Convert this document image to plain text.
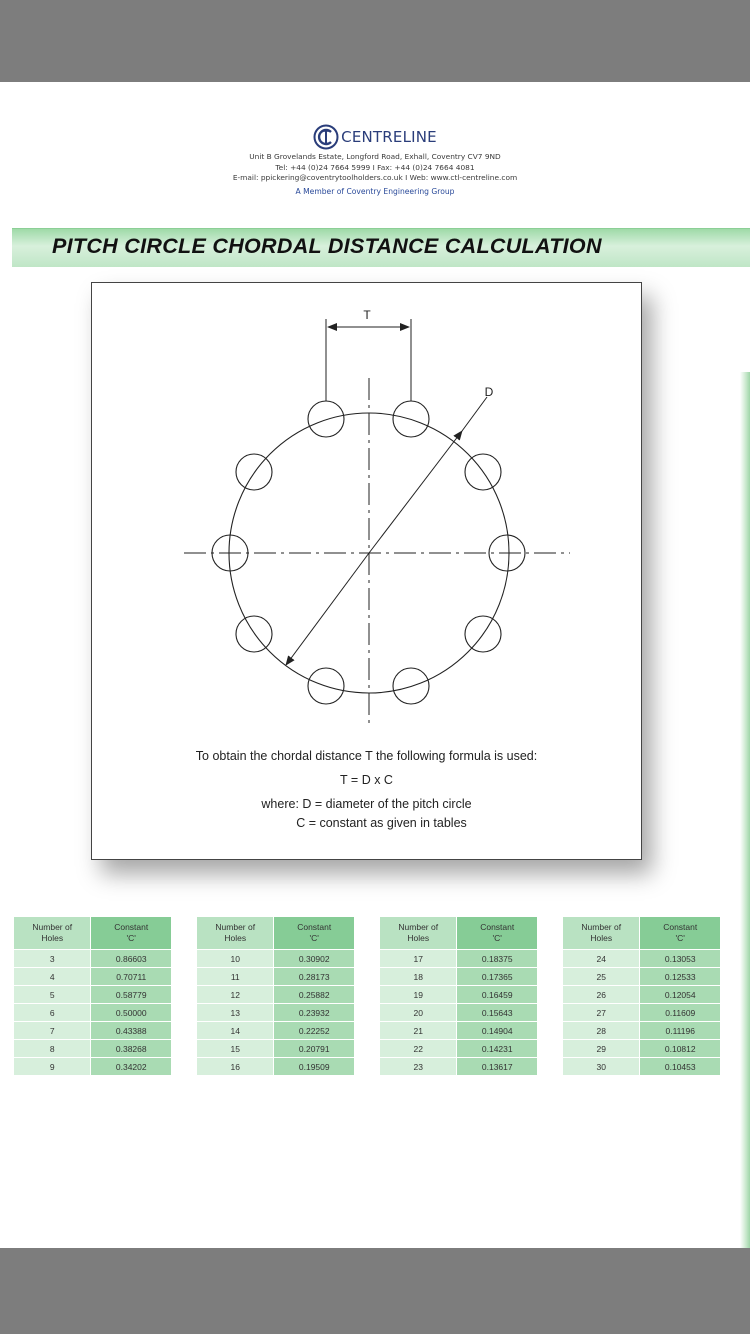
CENTRELINE
Unit B Grovelands Estate, Longford Road, Exhall, Coventry CV7 9ND
Tel: +44 (0)24 7664 5999 I Fax: +44 (0)24 7664 4081
E-mail: ppickering@coventrytoolholders.co.uk I Web: www.ctl-centreline.com
A Member of Coventry Engineering Group
PITCH CIRCLE CHORDAL DISTANCE CALCULATION
T
D
To obtain the chordal distance T the following formula is used:
T = D x C
where: D = diameter of the pitch circle
C = constant as given in tables
Number of
Holes	Constant
'C'
3	0.86603
4	0.70711
5	0.58779
6	0.50000
7	0.43388
8	0.38268
9	0.34202
Number of
Holes	Constant
'C'
10	0.30902
11	0.28173
12	0.25882
13	0.23932
14	0.22252
15	0.20791
16	0.19509
Number of
Holes	Constant
'C'
17	0.18375
18	0.17365
19	0.16459
20	0.15643
21	0.14904
22	0.14231
23	0.13617
Number of
Holes	Constant
'C'
24	0.13053
25	0.12533
26	0.12054
27	0.11609
28	0.11196
29	0.10812
30	0.10453
